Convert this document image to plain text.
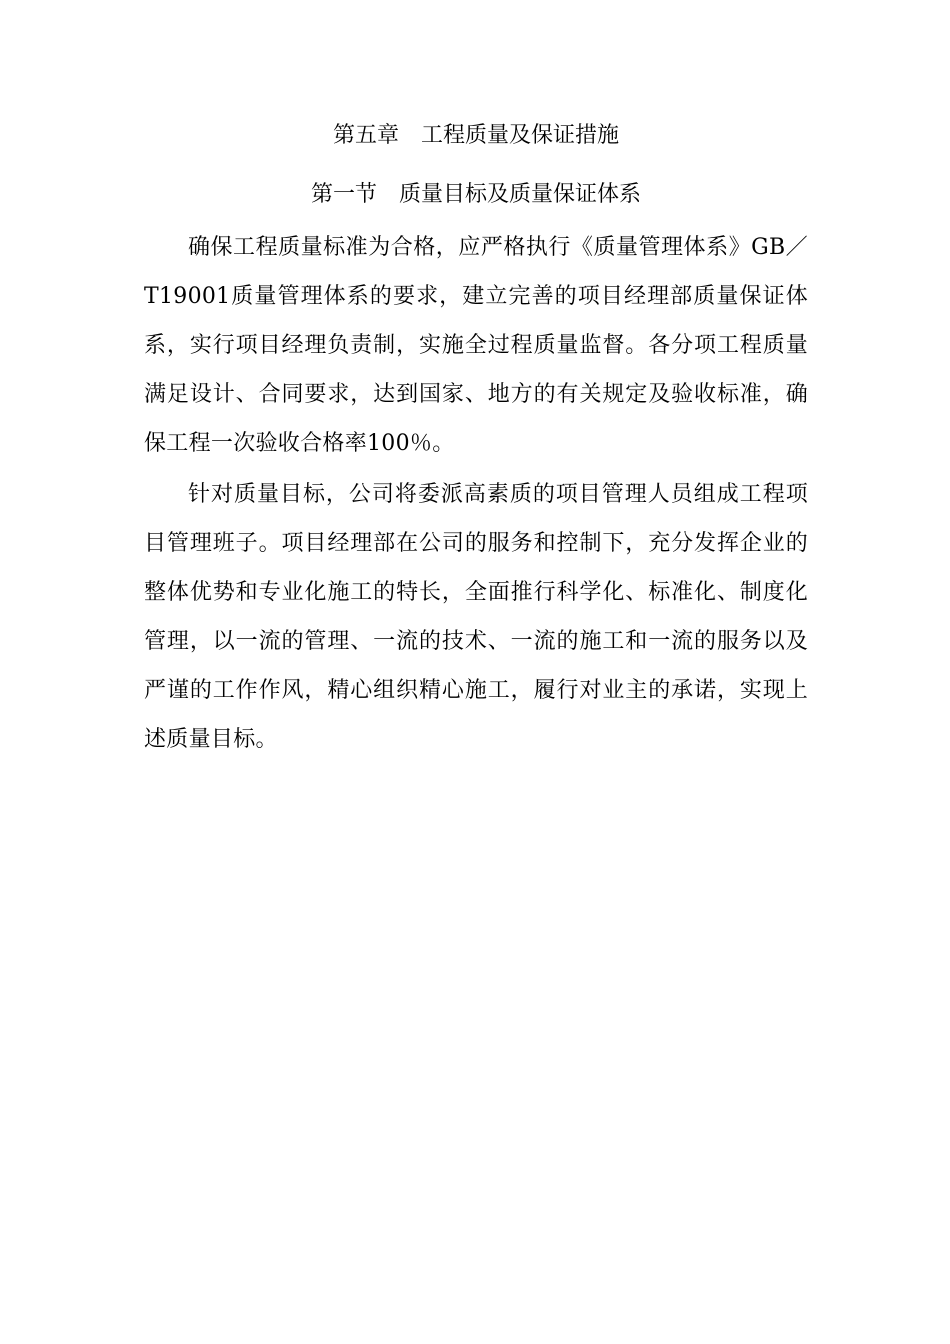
第五章　工程质量及保证措施
第一节　质量目标及质量保证体系

确保工程质量标准为合格，应严格执行《质量管理体系》GB／T19001质量管理体系的要求，建立完善的项目经理部质量保证体系，实行项目经理负责制，实施全过程质量监督。各分项工程质量满足设计、合同要求，达到国家、地方的有关规定及验收标准，确保工程一次验收合格率100％。

针对质量目标，公司将委派高素质的项目管理人员组成工程项目管理班子。项目经理部在公司的服务和控制下，充分发挥企业的整体优势和专业化施工的特长，全面推行科学化、标准化、制度化管理，以一流的管理、一流的技术、一流的施工和一流的服务以及严谨的工作作风，精心组织精心施工，履行对业主的承诺，实现上述质量目标。
